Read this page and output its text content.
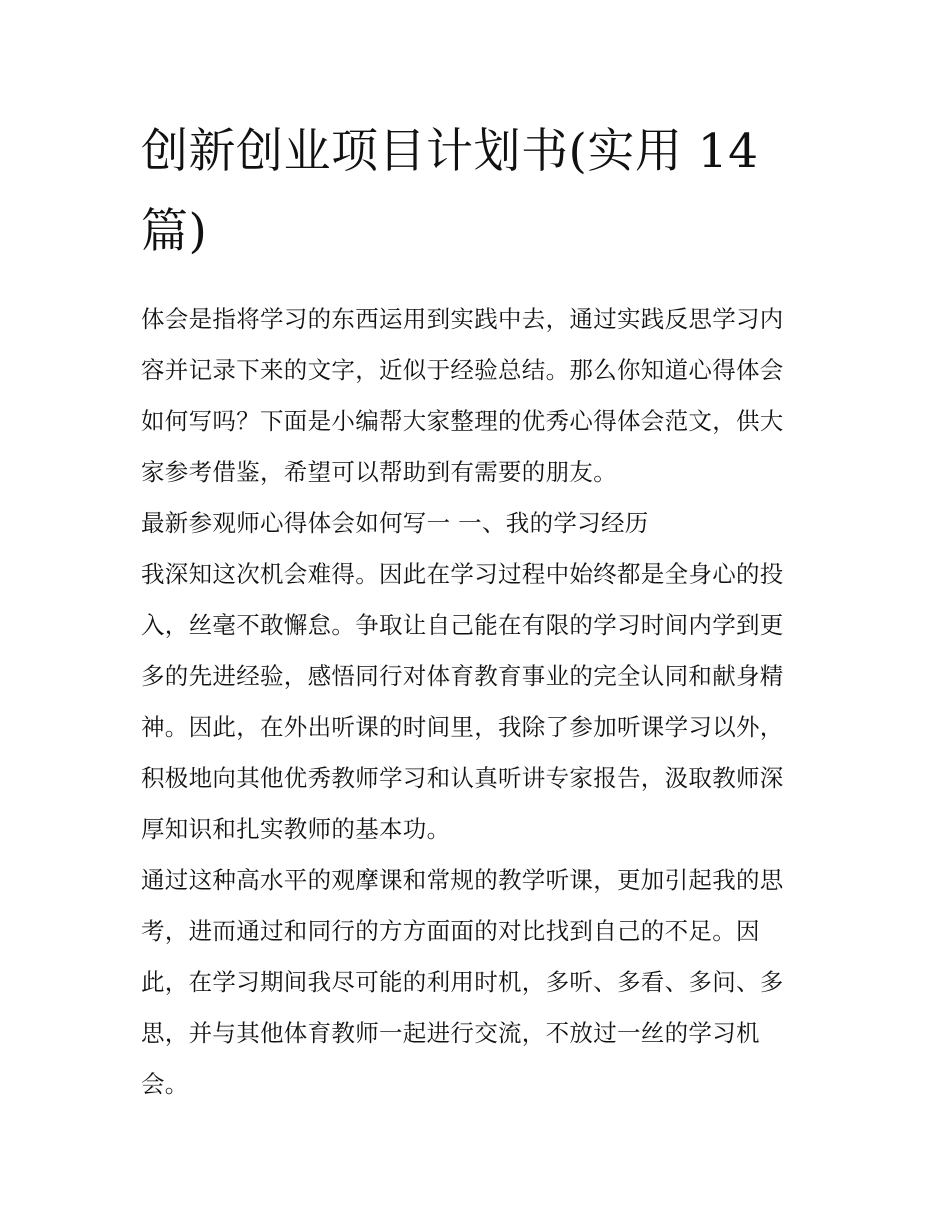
创新创业项目计划书(实用 14
篇)
体会是指将学习的东西运用到实践中去，通过实践反思学习内
容并记录下来的文字，近似于经验总结。那么你知道心得体会
如何写吗？下面是小编帮大家整理的优秀心得体会范文，供大
家参考借鉴，希望可以帮助到有需要的朋友。
最新参观师心得体会如何写一 一、我的学习经历
我深知这次机会难得。因此在学习过程中始终都是全身心的投
入，丝毫不敢懈怠。争取让自己能在有限的学习时间内学到更
多的先进经验，感悟同行对体育教育事业的完全认同和献身精
神。因此，在外出听课的时间里，我除了参加听课学习以外，
积极地向其他优秀教师学习和认真听讲专家报告，汲取教师深
厚知识和扎实教师的基本功。
通过这种高水平的观摩课和常规的教学听课，更加引起我的思
考，进而通过和同行的方方面面的对比找到自己的不足。因
此，在学习期间我尽可能的利用时机，多听、多看、多问、多
思，并与其他体育教师一起进行交流，不放过一丝的学习机
会。
